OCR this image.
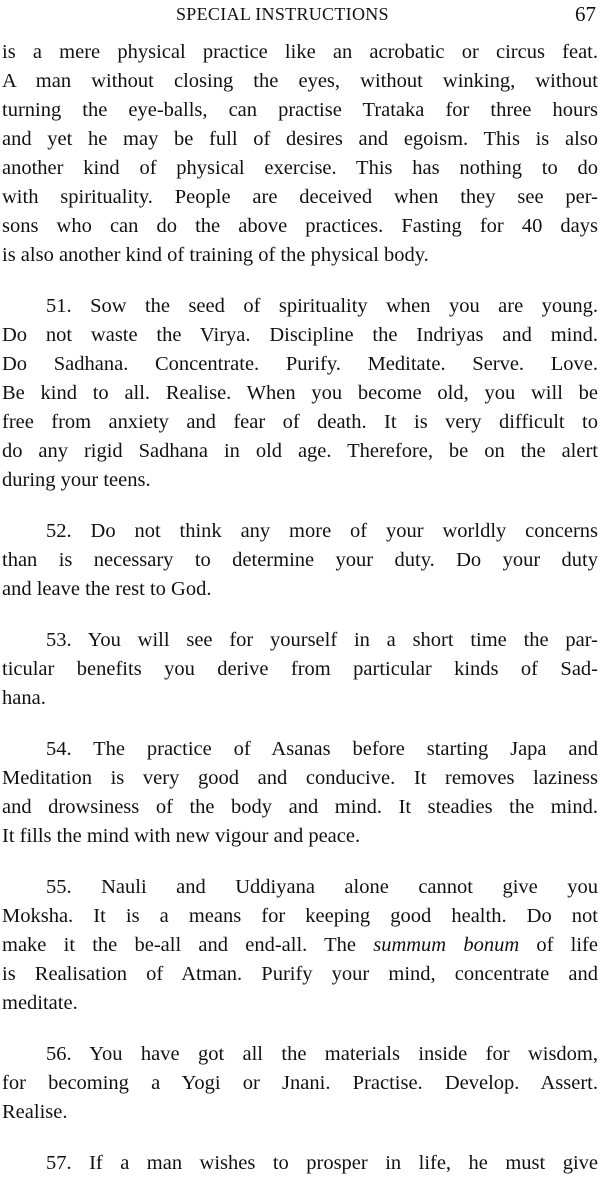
SPECIAL INSTRUCTIONS	67
is a mere physical practice like an acrobatic or circus feat.
A man without closing the eyes, without winking, without
turning the eye-balls, can practise Trataka for three hours
and yet he may be full of desires and egoism. This is also
another kind of physical exercise. This has nothing to do
with spirituality. People are deceived when they see per-
sons who can do the above practices. Fasting for 40 days
is also another kind of training of the physical body.
51. Sow the seed of spirituality when you are young.
Do not waste the Virya. Discipline the Indriyas and mind.
Do Sadhana. Concentrate. Purify. Meditate. Serve. Love.
Be kind to all. Realise. When you become old, you will be
free from anxiety and fear of death. It is very difficult to
do any rigid Sadhana in old age. Therefore, be on the alert
during your teens.
52. Do not think any more of your worldly concerns
than is necessary to determine your duty. Do your duty
and leave the rest to God.
53. You will see for yourself in a short time the par-
ticular benefits you derive from particular kinds of Sad-
hana.
54. The practice of Asanas before starting Japa and
Meditation is very good and conducive. It removes laziness
and drowsiness of the body and mind. It steadies the mind.
It fills the mind with new vigour and peace.
55. Nauli and Uddiyana alone cannot give you
Moksha. It is a means for keeping good health. Do not
make it the be-all and end-all. The summum bonum of life
is Realisation of Atman. Purify your mind, concentrate and
meditate.
56. You have got all the materials inside for wisdom,
for becoming a Yogi or Jnani. Practise. Develop. Assert.
Realise.
57. If a man wishes to prosper in life, he must give
